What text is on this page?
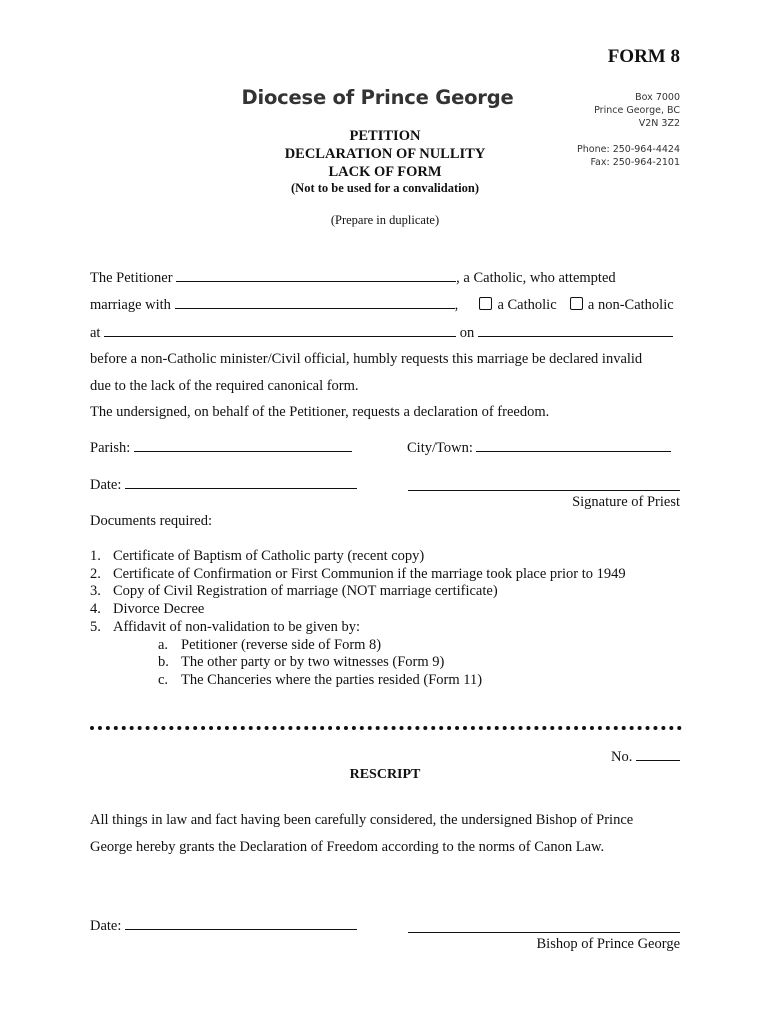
FORM 8
Diocese of Prince George	Box 7000
Prince George, BC
V2N 3Z2
Phone: 250-964-4424
Fax: 250-964-2101
PETITION
DECLARATION OF NULLITY
LACK OF FORM
(Not to be used for a convalidation)
(Prepare in duplicate)
The Petitioner	, a Catholic, who attempted
marriage with	,	a Catholic a non-Catholic
at	on
before a non-Catholic minister/Civil official, humbly requests this marriage be declared invalid
due to the lack of the required canonical form.
The undersigned, on behalf of the Petitioner, requests a declaration of freedom.
Parish:	City/Town:
Date:
Signature of Priest
Documents required:
1. Certificate of Baptism of Catholic party (recent copy)
2. Certificate of Confirmation or First Communion if the marriage took place prior to 1949
3. Copy of Civil Registration of marriage (NOT marriage certificate)
4. Divorce Decree
5. Affidavit of non-validation to be given by:
a. Petitioner (reverse side of Form 8)
b. The other party or by two witnesses (Form 9)
c. The Chanceries where the parties resided (Form 11)
No.
RESCRIPT
All things in law and fact having been carefully considered, the undersigned Bishop of Prince
George hereby grants the Declaration of Freedom according to the norms of Canon Law.
Date:
Bishop of Prince George
